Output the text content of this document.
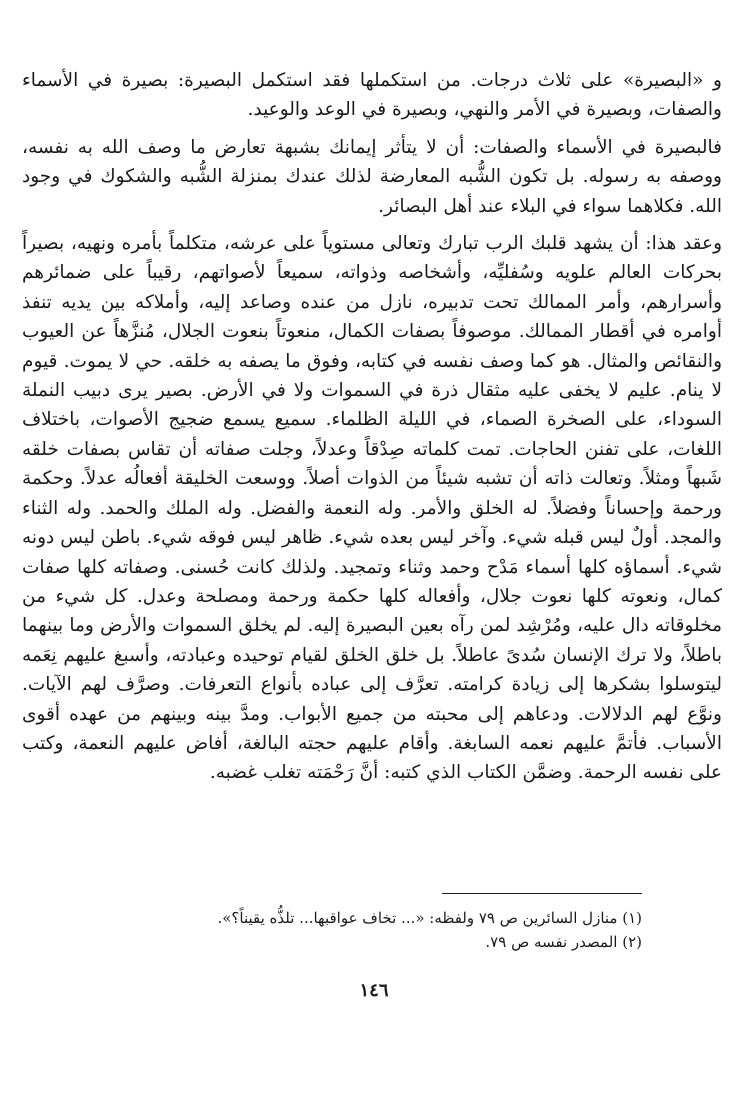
و «البصيرة» على ثلاث درجات. من استكملها فقد استكمل البصيرة: بصيرة في الأسماء والصفات، وبصيرة في الأمر والنهي، وبصيرة في الوعد والوعيد.

فالبصيرة في الأسماء والصفات: أن لا يتأثر إيمانك بشبهة تعارض ما وصف الله به نفسه، ووصفه به رسوله. بل تكون الشُّبه المعارضة لذلك عندك بمنزلة الشُّبه والشكوك في وجود الله. فكلاهما سواء في البلاء عند أهل البصائر.

وعقد هذا: أن يشهد قلبك الرب تبارك وتعالى مستوياً على عرشه، متكلماً بأمره ونهيه، بصيراً بحركات العالم علويه وسُفليِّه، وأشخاصه وذواته، سميعاً لأصواتهم، رقيباً على ضمائرهم وأسرارهم، وأمر الممالك تحت تدبيره، نازل من عنده وصاعد إليه، وأملاكه بين يديه تنفذ أوامره في أقطار الممالك. موصوفاً بصفات الكمال، منعوتاً بنعوت الجلال، مُنزَّهاً عن العيوب والنقائص والمثال. هو كما وصف نفسه في كتابه، وفوق ما يصفه به خلقه. حي لا يموت. قيوم لا ينام. عليم لا يخفى عليه مثقال ذرة في السموات ولا في الأرض. بصير يرى دبيب النملة السوداء، على الصخرة الصماء، في الليلة الظلماء. سميع يسمع ضجيج الأصوات، باختلاف اللغات، على تفنن الحاجات. تمت كلماته صِدْقاً وعدلاً، وجلت صفاته أن تقاس بصفات خلقه شَبهاً ومثلاً. وتعالت ذاته أن تشبه شيئاً من الذوات أصلاً. ووسعت الخليقة أفعالُه عدلاً. وحكمة ورحمة وإحساناً وفضلاً. له الخلق والأمر. وله النعمة والفضل. وله الملك والحمد. وله الثناء والمجد. أولٌ ليس قبله شيء. وآخر ليس بعده شيء. ظاهر ليس فوقه شيء. باطن ليس دونه شيء. أسماؤه كلها أسماء مَدْح وحمد وثناء وتمجيد. ولذلك كانت حُسنى. وصفاته كلها صفات كمال، ونعوته كلها نعوت جلال، وأفعاله كلها حكمة ورحمة ومصلحة وعدل. كل شيء من مخلوقاته دال عليه، ومُرْشِد لمن رآه بعين البصيرة إليه. لم يخلق السموات والأرض وما بينهما باطلاً، ولا ترك الإنسان سُدىً عاطلاً. بل خلق الخلق لقيام توحيده وعبادته، وأسبغ عليهم نِعَمه ليتوسلوا بشكرها إلى زيادة كرامته. تعرَّف إلى عباده بأنواع التعرفات. وصرَّف لهم الآيات. ونوَّع لهم الدلالات. ودعاهم إلى محبته من جميع الأبواب. ومدَّ بينه وبينهم من عهده أقوى الأسباب. فأتمَّ عليهم نعمه السابغة. وأقام عليهم حجته البالغة، أفاض عليهم النعمة، وكتب على نفسه الرحمة. وضمَّن الكتاب الذي كتبه: أنَّ رَحْمَته تغلب غضبه.

(١) منازل السائرين ص ٧٩ ولفظه: «... تخاف عواقبها... تلذُّه يقيناً؟».
(٢) المصدر نفسه ص ٧٩.
١٤٦
